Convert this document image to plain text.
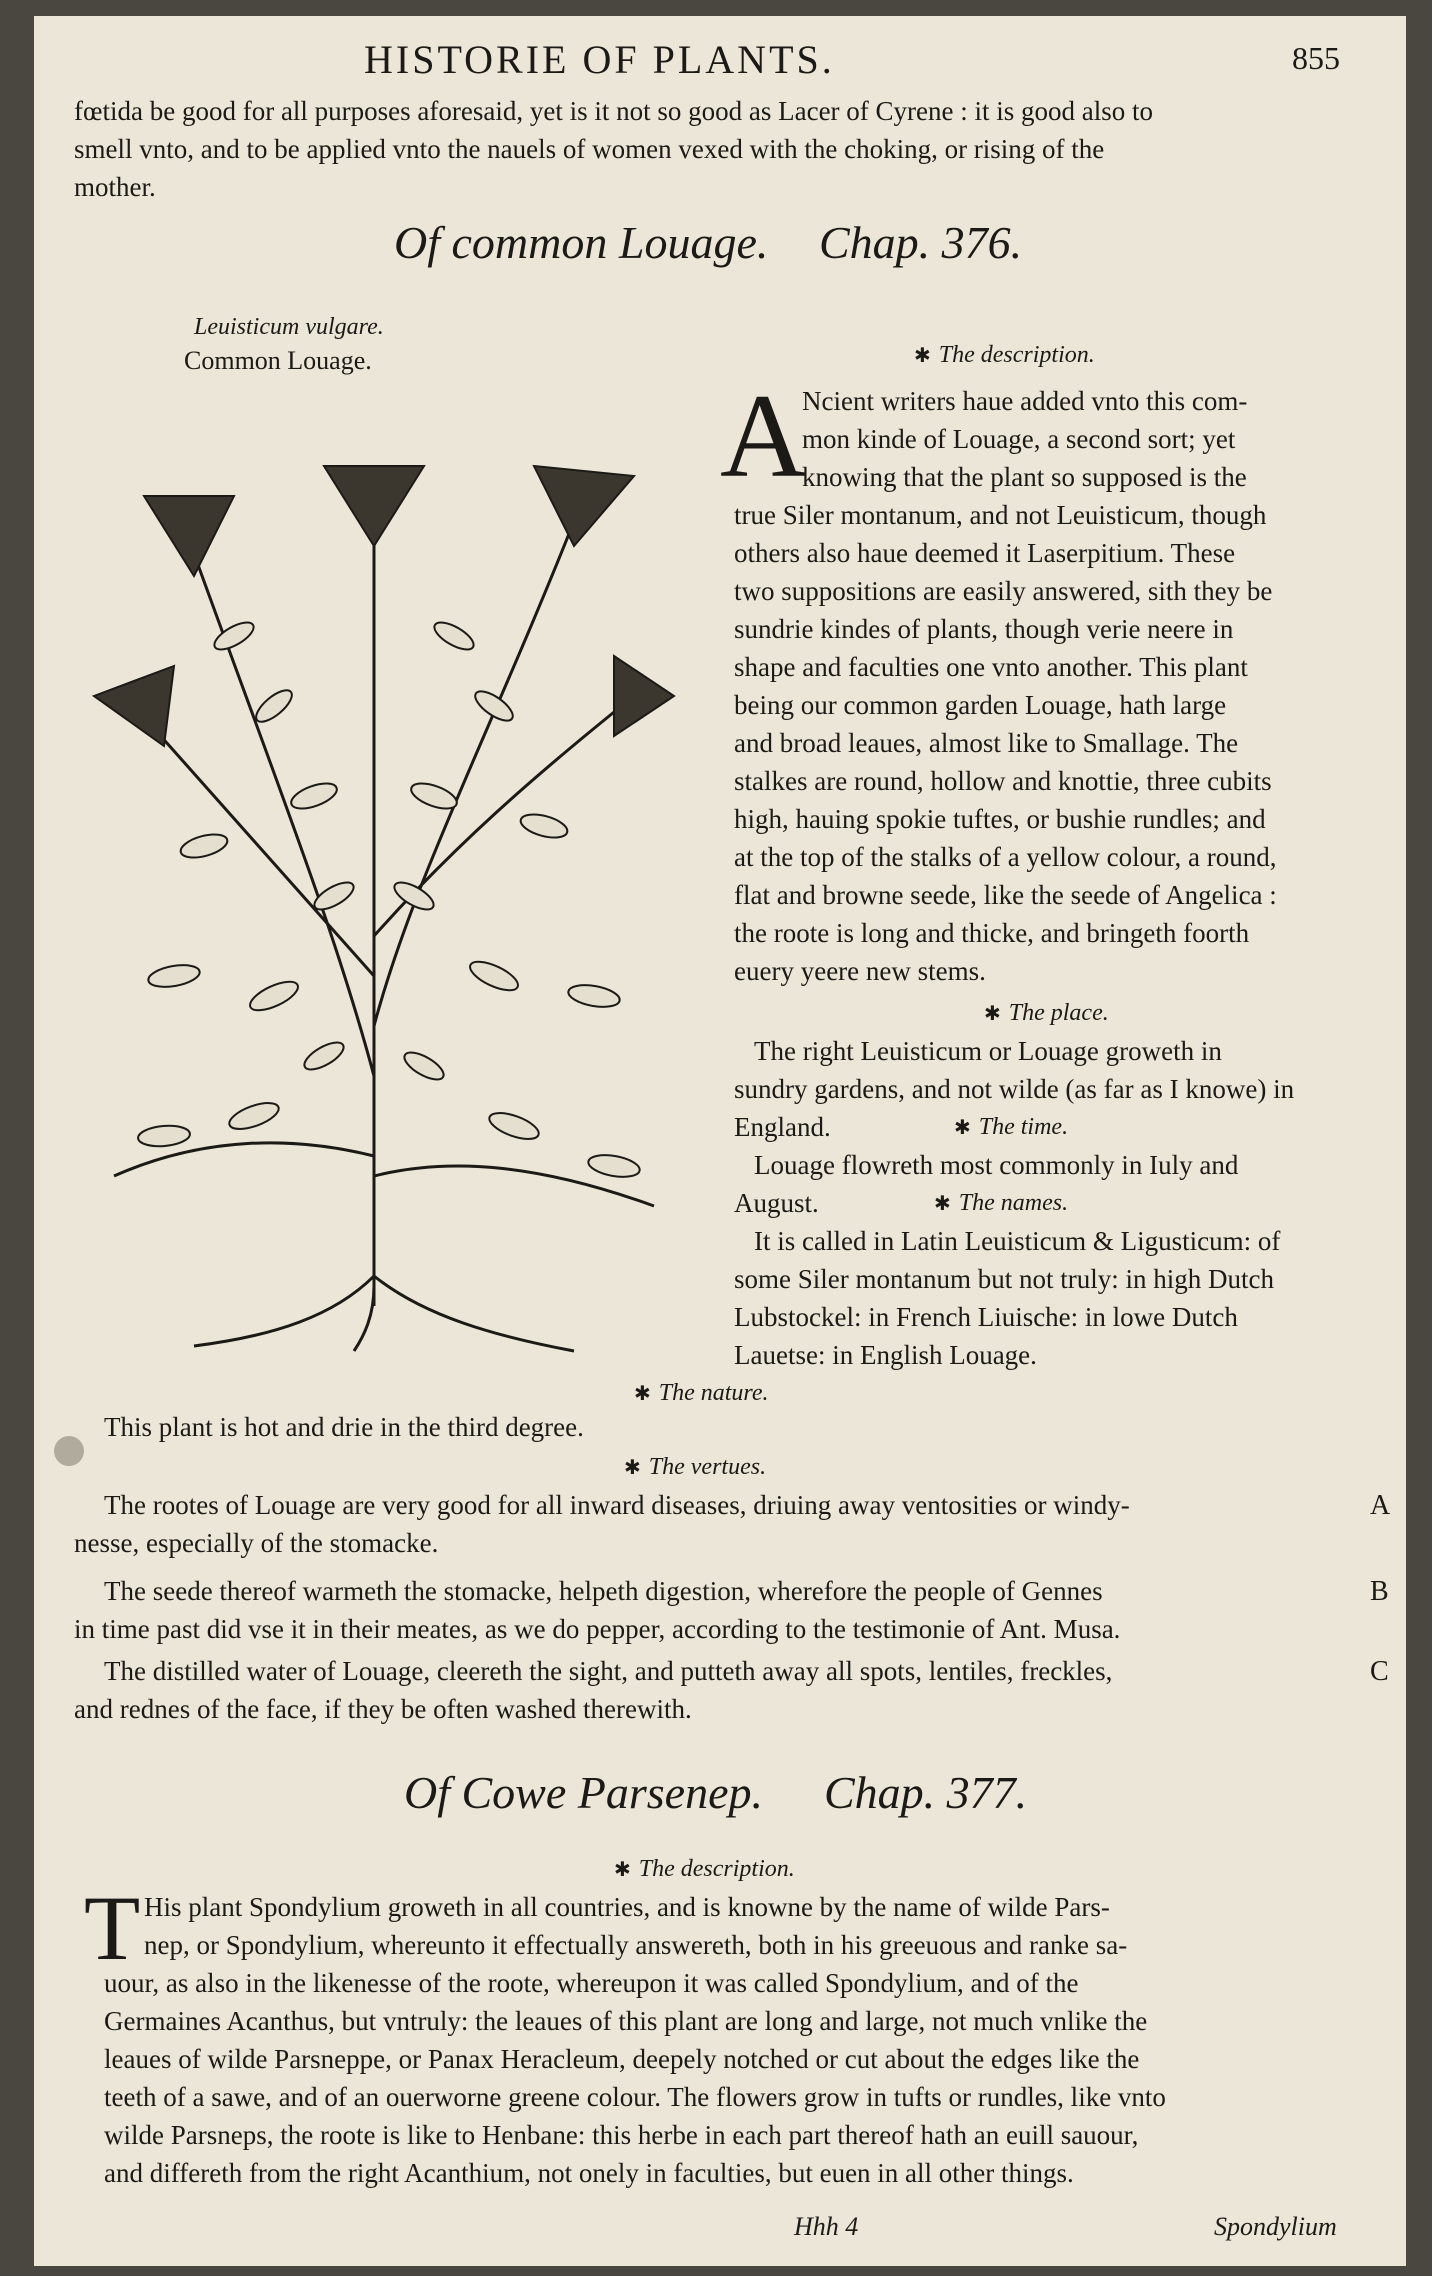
HISTORIE OF PLANTS.	855
fœtida be good for all purposes aforesaid, yet is it not so good as Lacer of Cyrene : it is good also to
smell vnto, and to be applied vnto the nauels of women vexed with the choking, or rising of the
mother.
Of common Louage. Chap. 376.
Leuisticum vulgare.
Common Louage.	✱ The description.
A
Ncient writers haue added vnto this com-
mon kinde of Louage, a second sort; yet
knowing that the plant so supposed is the
true Siler montanum, and not Leuisticum, though
others also haue deemed it Laserpitium. These
two suppositions are easily answered, sith they be
sundrie kindes of plants, though verie neere in
shape and faculties one vnto another. This plant
being our common garden Louage, hath large
and broad leaues, almost like to Smallage. The
stalkes are round, hollow and knottie, three cubits
high, hauing spokie tuftes, or bushie rundles; and
at the top of the stalks of a yellow colour, a round,
flat and browne seede, like the seede of Angelica :
the roote is long and thicke, and bringeth foorth
euery yeere new stems.
✱ The place.
The right Leuisticum or Louage groweth in
sundry gardens, and not wilde (as far as I knowe) in
England.	✱ The time.
Louage flowreth most commonly in Iuly and
August.	✱ The names.
It is called in Latin Leuisticum & Ligusticum: of
some Siler montanum but not truly: in high Dutch
Lubstockel: in French Liuische: in lowe Dutch
Lauetse: in English Louage.
✱ The nature.
This plant is hot and drie in the third degree.
✱ The vertues.
The rootes of Louage are very good for all inward diseases, driuing away ventosities or windy-
nesse, especially of the stomacke.
A
The seede thereof warmeth the stomacke, helpeth digestion, wherefore the people of Gennes
in time past did vse it in their meates, as we do pepper, according to the testimonie of Ant. Musa.
B
The distilled water of Louage, cleereth the sight, and putteth away all spots, lentiles, freckles,
and rednes of the face, if they be often washed therewith.
C
Of Cowe Parsenep. Chap. 377.
✱ The description.
T His plant Spondylium groweth in all countries, and is knowne by the name of wilde Pars-
nep, or Spondylium, whereunto it effectually answereth, both in his greeuous and ranke sa-
uour, as also in the likenesse of the roote, whereupon it was called Spondylium, and of the
Germaines Acanthus, but vntruly: the leaues of this plant are long and large, not much vnlike the
leaues of wilde Parsneppe, or Panax Heracleum, deepely notched or cut about the edges like the
teeth of a sawe, and of an ouerworne greene colour. The flowers grow in tufts or rundles, like vnto
wilde Parsneps, the roote is like to Henbane: this herbe in each part thereof hath an euill sauour,
and differeth from the right Acanthium, not onely in faculties, but euen in all other things.
Hhh 4	Spondylium
